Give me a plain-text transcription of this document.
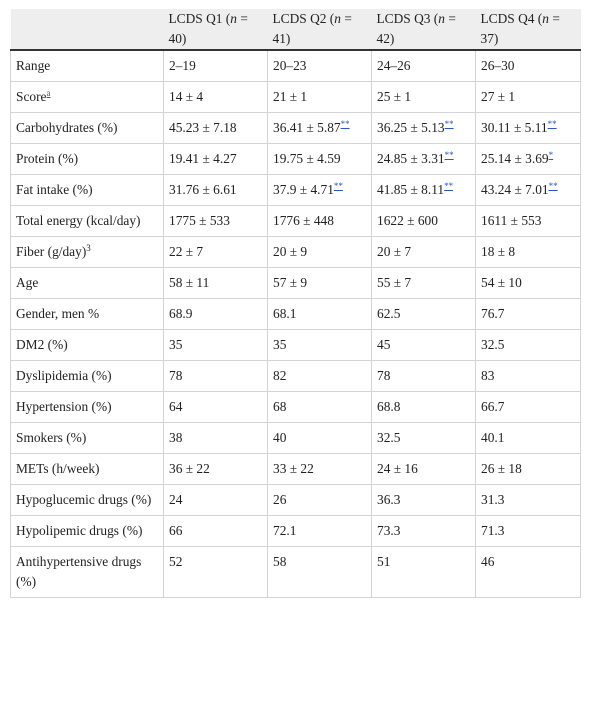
	LCDS Q1 (n = 40)	LCDS Q2 (n = 41)	LCDS Q3 (n = 42)	LCDS Q4 (n = 37)
Range	2–19	20–23	24–26	26–30
Score$^a$	14 ± 4	21 ± 1	25 ± 1	27 ± 1
Carbohydrates (%)	45.23 ± 7.18	36.41 ± 5.87**	36.25 ± 5.13**	30.11 ± 5.11**
Protein (%)	19.41 ± 4.27	19.75 ± 4.59	24.85 ± 3.31**	25.14 ± 3.69*
Fat intake (%)	31.76 ± 6.61	37.9 ± 4.71**	41.85 ± 8.11**	43.24 ± 7.01**
Total energy (kcal/day)	1775 ± 533	1776 ± 448	1622 ± 600	1611 ± 553
Fiber $(g/day)^3$	22 ± 7	20 ± 9	20 ± 7	18 ± 8
Age	58 ± 11	57 ± 9	55 ± 7	54 ± 10
Gender, men %	68.9	68.1	62.5	76.7
DM2 (%)	35	35	45	32.5
Dyslipidemia (%)	78	82	78	83
Hypertension (%)	64	68	68.8	66.7
Smokers (%)	38	40	32.5	40.1
METs (h/week)	36 ± 22	33 ± 22	24 ± 16	26 ± 18
Hypoglucemic drugs (%)	24	26	36.3	31.3
Hypolipemic drugs (%)	66	72.1	73.3	71.3
Antihypertensive drugs (%)	52	58	51	46
